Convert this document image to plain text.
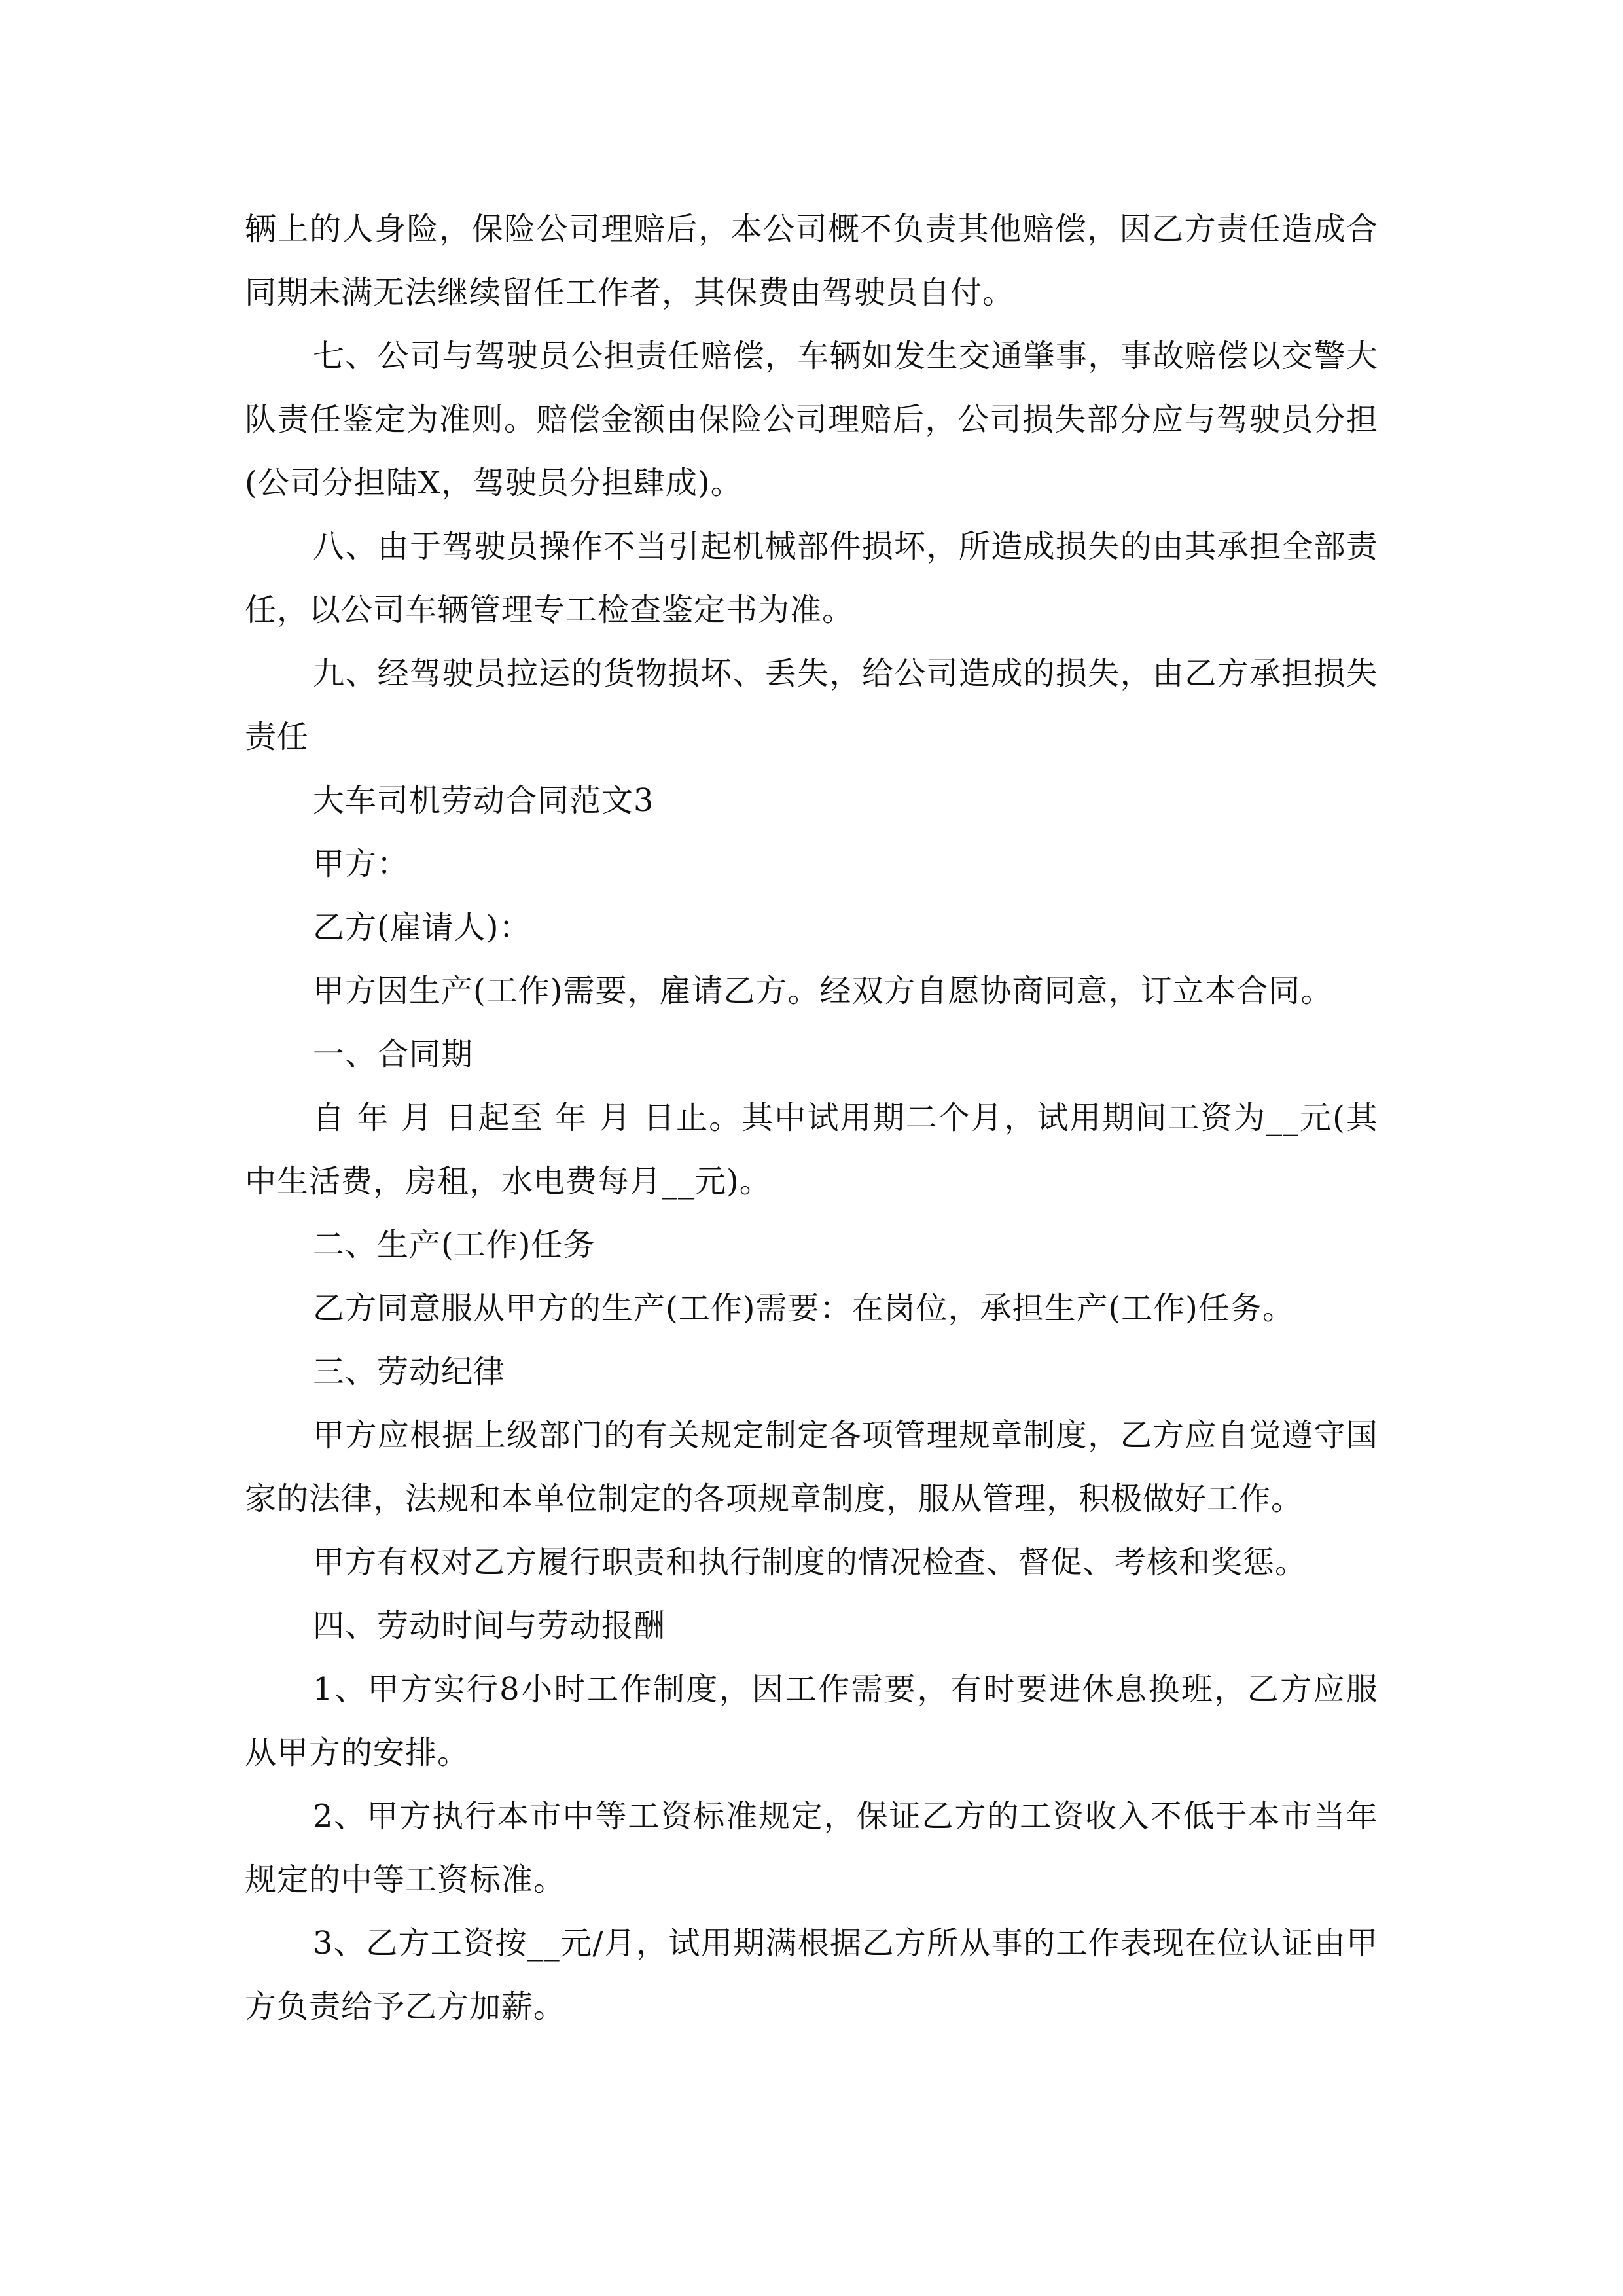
辆上的人身险，保险公司理赔后，本公司概不负责其他赔偿，因乙方责任造成合同期未满无法继续留任工作者，其保费由驾驶员自付。

七、公司与驾驶员公担责任赔偿，车辆如发生交通肇事，事故赔偿以交警大队责任鉴定为准则。赔偿金额由保险公司理赔后，公司损失部分应与驾驶员分担(公司分担陆X，驾驶员分担肆成)。

八、由于驾驶员操作不当引起机械部件损坏，所造成损失的由其承担全部责任，以公司车辆管理专工检查鉴定书为准。

九、经驾驶员拉运的货物损坏、丢失，给公司造成的损失，由乙方承担损失责任

大车司机劳动合同范文3

甲方：

乙方(雇请人)：

甲方因生产(工作)需要，雇请乙方。经双方自愿协商同意，订立本合同。

一、合同期

自 年 月 日起至 年 月 日止。其中试用期二个月，试用期间工资为__元(其中生活费，房租，水电费每月__元)。

二、生产(工作)任务

乙方同意服从甲方的生产(工作)需要：在岗位，承担生产(工作)任务。

三、劳动纪律

甲方应根据上级部门的有关规定制定各项管理规章制度，乙方应自觉遵守国家的法律，法规和本单位制定的各项规章制度，服从管理，积极做好工作。

甲方有权对乙方履行职责和执行制度的情况检查、督促、考核和奖惩。

四、劳动时间与劳动报酬

1、甲方实行8小时工作制度，因工作需要，有时要进休息换班，乙方应服从甲方的安排。

2、甲方执行本市中等工资标准规定，保证乙方的工资收入不低于本市当年规定的中等工资标准。

3、乙方工资按__元/月，试用期满根据乙方所从事的工作表现在位认证由甲方负责给予乙方加薪。
